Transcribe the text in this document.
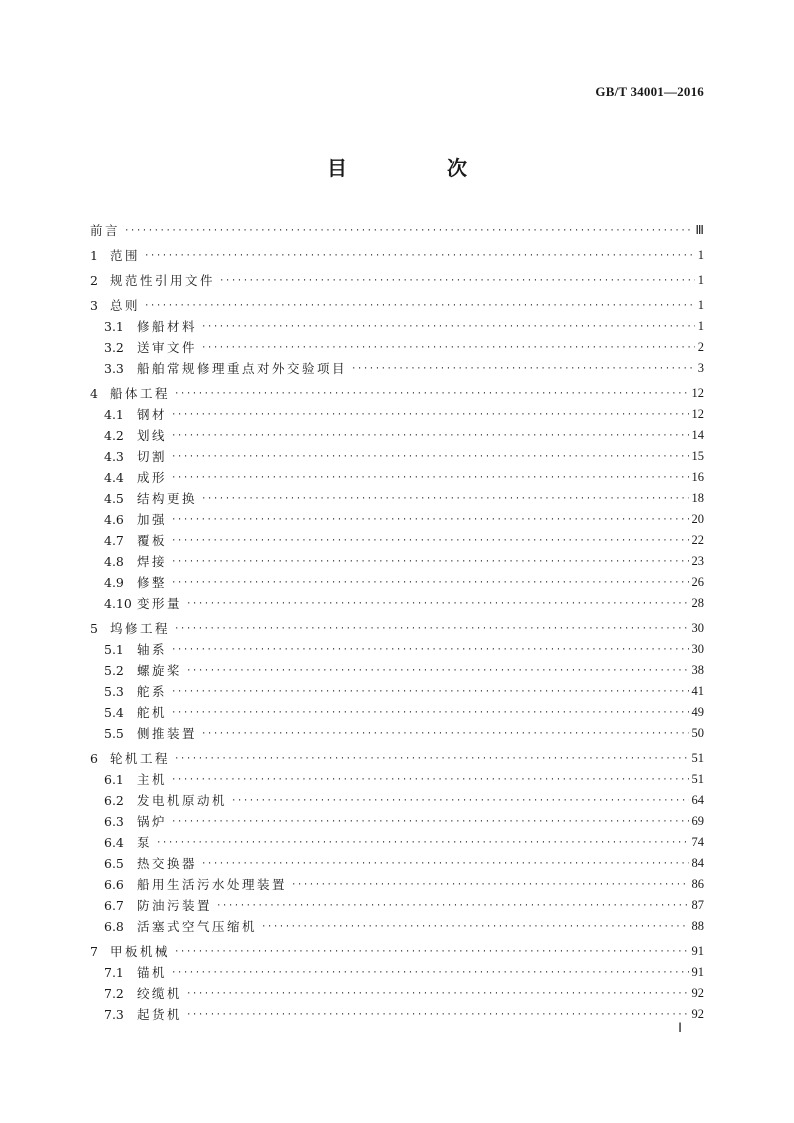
GB/T 34001—2016
目　次
前言 ·····	Ⅲ
1 范围 ·····	1
2 规范性引用文件 ·····	1
3 总则 ·····	1
3.1	修船材料 ·····	1
3.2	送审文件 ·····	2
3.3	船舶常规修理重点对外交验项目 ·····	3
4 船体工程 ·····	12
4.1	钢材 ·····	12
4.2	划线 ·····	14
4.3	切割 ·····	15
4.4	成形 ·····	16
4.5	结构更换 ·····	18
4.6	加强 ·····	20
4.7	覆板 ·····	22
4.8	焊接 ·····	23
4.9	修整 ·····	26
4.10 变形量 ·····	28
5 坞修工程 ·····	30
5.1	轴系 ·····	30
5.2	螺旋桨 ·····	38
5.3	舵系 ·····	41
5.4	舵机 ·····	49
5.5	侧推装置 ·····	50
6 轮机工程 ·····	51
6.1	主机 ·····	51
6.2	发电机原动机 ·····	64
6.3	锅炉 ·····	69
6.4	泵 ·····	74
6.5	热交换器 ·····	84
6.6	船用生活污水处理装置 ·····	86
6.7	防油污装置 ·····	87
6.8	活塞式空气压缩机 ·····	88
7 甲板机械 ·····	91
7.1	锚机 ·····	91
7.2	绞缆机 ·····	92
7.3	起货机 ·····	92
Ⅰ
